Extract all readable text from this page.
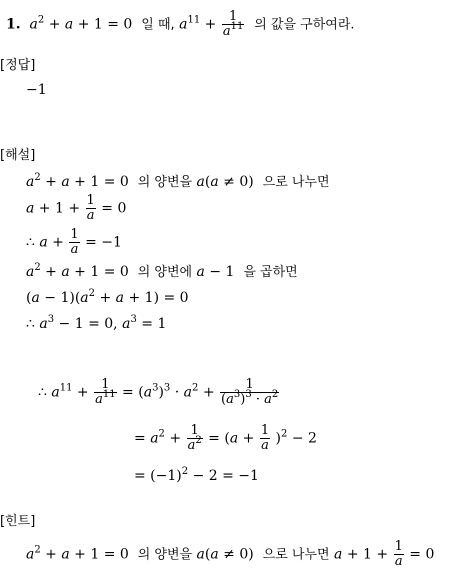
1. $a^2 + a + 1 = 0$ 일 때, $a^{11} + \frac{1}{a^{11}}$ 의 값을 구하여라.
[정답]
−1
[해설]
$a^2 + a + 1 = 0$ 의 양변을 a(a ≠ 0) 으로 나누면
$a + 1 + \frac{1}{a} = 0$
∴ $a + \frac{1}{a} = -1$
$a^2 + a + 1 = 0$ 의 양변에 a − 1 을 곱하면
$(a - 1)(a^2 + a + 1) = 0$
∴ $a^3 - 1 = 0$, $a^3 = 1$
∴ $a^{11} + \frac{1}{a^{11}} = (a^3)^3 \cdot a^2 + \frac{1}{(a^3)^3 \cdot a^2}$
= $a^2 + \frac{1}{a^2} = (a + \frac{1}{a} )^2 - 2$
= $(-1)^2 - 2 = -1$
[힌트]
$a^2 + a + 1 = 0$ 의 양변을 a(a ≠ 0) 으로 나누면 $a + 1 + \frac{1}{a} = 0$
